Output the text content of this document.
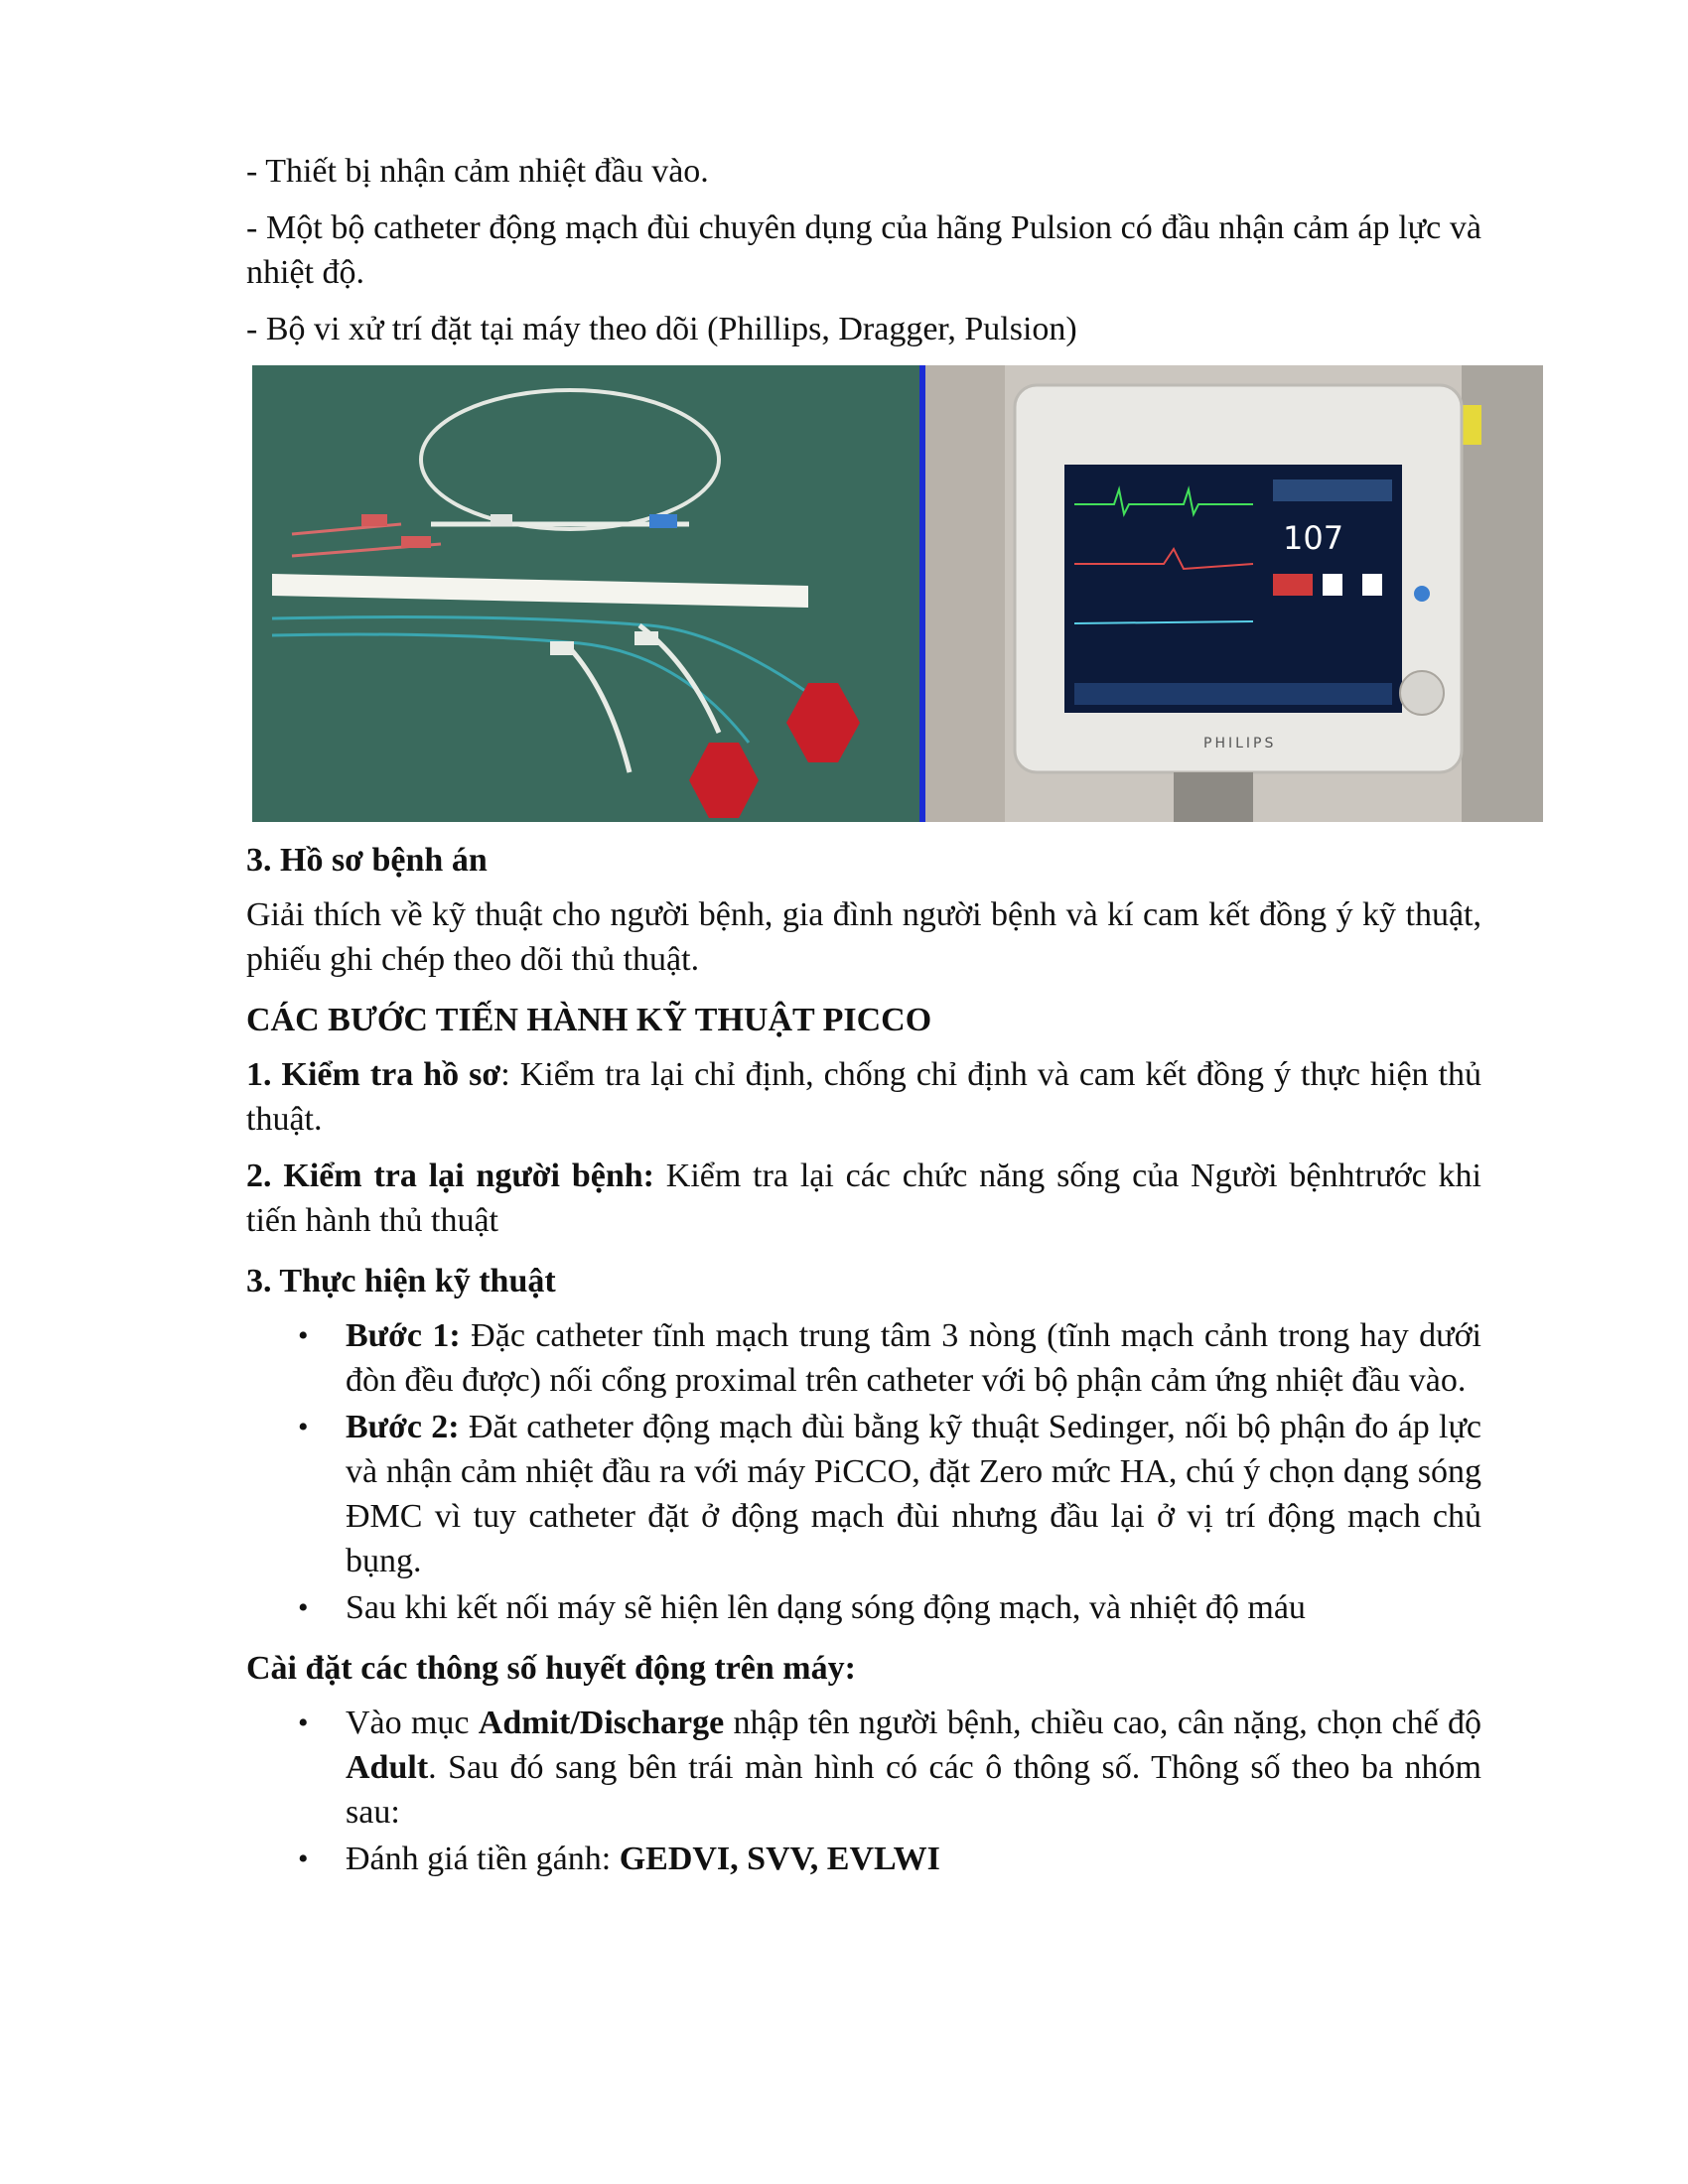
- Thiết bị nhận cảm nhiệt đầu vào.

- Một bộ catheter động mạch đùi chuyên dụng của hãng Pulsion có đầu nhận cảm áp lực và nhiệt độ.

- Bộ vi xử trí đặt tại máy theo dõi (Phillips, Dragger, Pulsion)

107
PHILIPS
3. Hồ sơ bệnh án

Giải thích về kỹ thuật cho người bệnh, gia đình người bệnh và kí cam kết đồng ý kỹ thuật, phiếu ghi chép theo dõi thủ thuật.

CÁC BƯỚC TIẾN HÀNH KỸ THUẬT PICCO

1. Kiểm tra hồ sơ: Kiểm tra lại chỉ định, chống chỉ định và cam kết đồng ý thực hiện thủ thuật.

2. Kiểm tra lại người bệnh: Kiểm tra lại các chức năng sống của Người bệnhtrước khi tiến hành thủ thuật

3. Thực hiện kỹ thuật
• Bước 1: Đặc catheter tĩnh mạch trung tâm 3 nòng (tĩnh mạch cảnh trong hay dưới đòn đều được) nối cổng proximal trên catheter với bộ phận cảm ứng nhiệt đầu vào.
• Bước 2: Đăt catheter động mạch đùi bằng kỹ thuật Sedinger, nối bộ phận đo áp lực và nhận cảm nhiệt đầu ra với máy PiCCO, đặt Zero mức HA, chú ý chọn dạng sóng ĐMC vì tuy catheter đặt ở động mạch đùi nhưng đầu lại ở vị trí động mạch chủ bụng.
• Sau khi kết nối máy sẽ hiện lên dạng sóng động mạch, và nhiệt độ máu
Cài đặt các thông số huyết động trên máy:
• Vào mục Admit/Discharge nhập tên người bệnh, chiều cao, cân nặng, chọn chế độ Adult. Sau đó sang bên trái màn hình có các ô thông số. Thông số theo ba nhóm sau:
• Đánh giá tiền gánh: GEDVI, SVV, EVLWI
